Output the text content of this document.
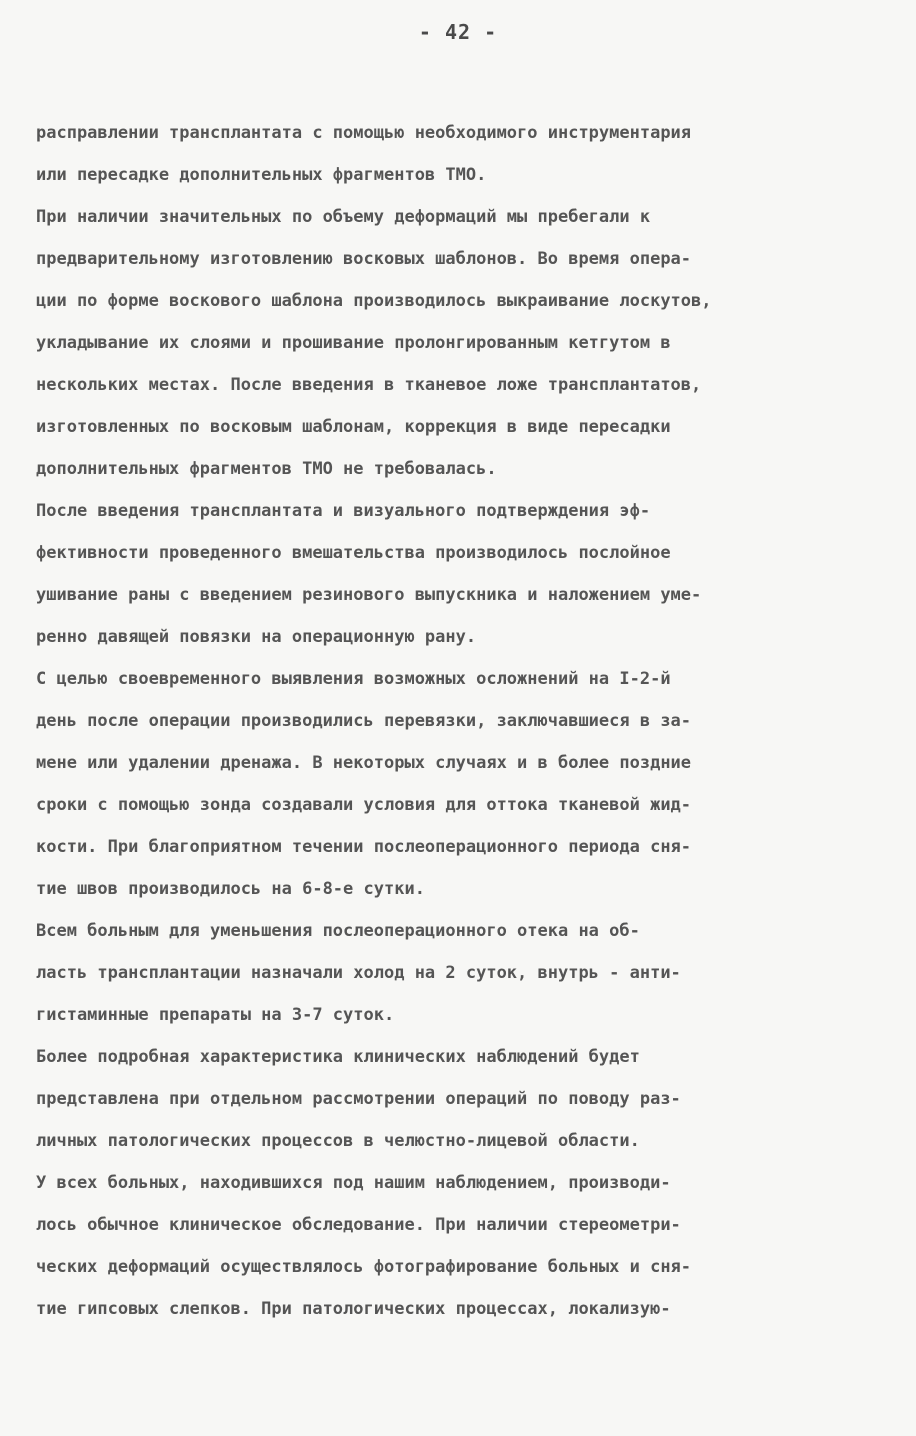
- 42 -
расправлении трансплантата с помощью необходимого инструментария
или пересадке дополнительных фрагментов ТМО.
При наличии значительных по объему деформаций мы пребегали к
предварительному изготовлению восковых шаблонов. Во время опера-
ции по форме воскового шаблона производилось выкраивание лоскутов,
укладывание их слоями и прошивание пролонгированным кетгутом в
нескольких местах. После введения в тканевое ложе трансплантатов,
изготовленных по восковым шаблонам, коррекция в виде пересадки
дополнительных фрагментов ТМО не требовалась.
После введения трансплантата и визуального подтверждения эф-
фективности проведенного вмешательства производилось послойное
ушивание раны с введением резинового выпускника и наложением уме-
ренно давящей повязки на операционную рану.
С целью своевременного выявления возможных осложнений на I-2-й
день после операции производились перевязки, заключавшиеся в за-
мене или удалении дренажа. В некоторых случаях и в более поздние
сроки с помощью зонда создавали условия для оттока тканевой жид-
кости. При благоприятном течении послеоперационного периода сня-
тие швов производилось на 6-8-е сутки.
Всем больным для уменьшения послеоперационного отека на об-
ласть трансплантации назначали холод на 2 суток, внутрь - анти-
гистаминные препараты на 3-7 суток.
Более подробная характеристика клинических наблюдений будет
представлена при отдельном рассмотрении операций по поводу раз-
личных патологических процессов в челюстно-лицевой области.
У всех больных, находившихся под нашим наблюдением, производи-
лось обычное клиническое обследование. При наличии стереометри-
ческих деформаций осуществлялось фотографирование больных и сня-
тие гипсовых слепков. При патологических процессах, локализую-
